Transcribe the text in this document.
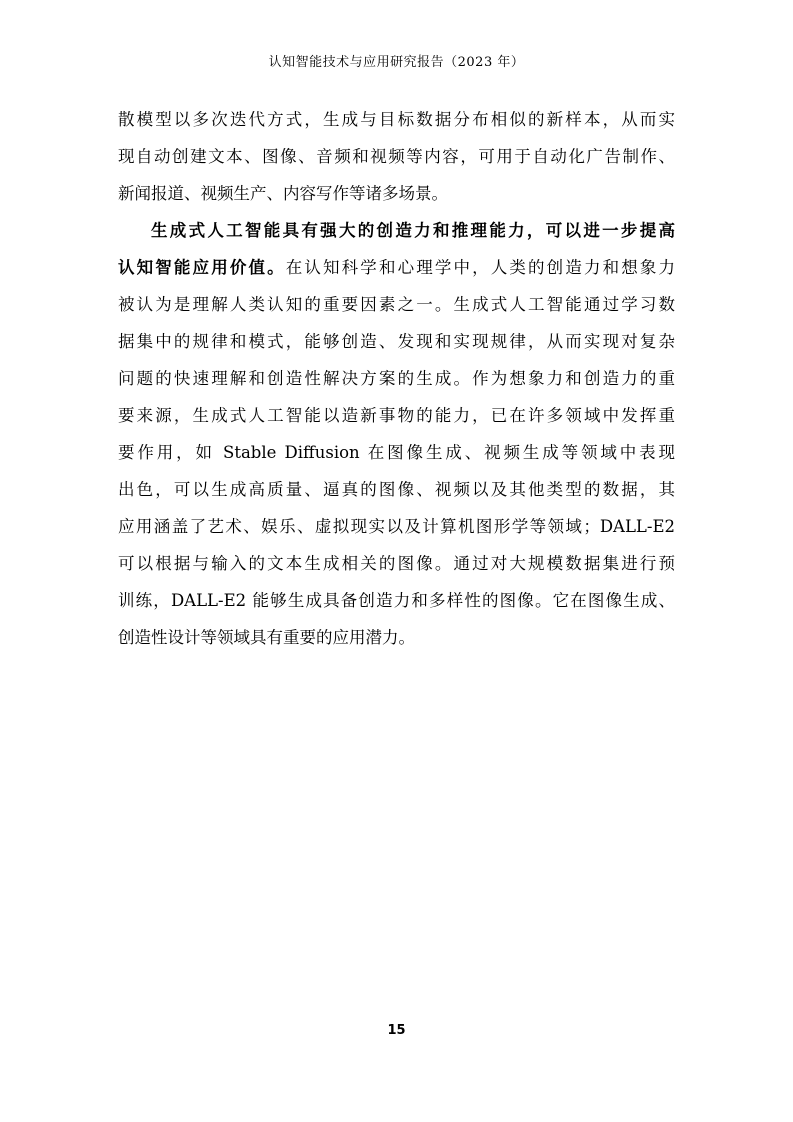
认知智能技术与应用研究报告（2023 年）
散模型以多次迭代方式，生成与目标数据分布相似的新样本，从而实
现自动创建文本、图像、音频和视频等内容，可用于自动化广告制作、
新闻报道、视频生产、内容写作等诸多场景。
生成式人工智能具有强大的创造力和推理能力，可以进一步提高
认知智能应用价值。在认知科学和心理学中，人类的创造力和想象力
被认为是理解人类认知的重要因素之一。生成式人工智能通过学习数
据集中的规律和模式，能够创造、发现和实现规律，从而实现对复杂
问题的快速理解和创造性解决方案的生成。作为想象力和创造力的重
要来源，生成式人工智能以造新事物的能力，已在许多领域中发挥重
要作用，如 Stable Diffusion 在图像生成、视频生成等领域中表现
出色，可以生成高质量、逼真的图像、视频以及其他类型的数据，其
应用涵盖了艺术、娱乐、虚拟现实以及计算机图形学等领域；DALL-E2
可以根据与输入的文本生成相关的图像。通过对大规模数据集进行预
训练，DALL-E2 能够生成具备创造力和多样性的图像。它在图像生成、
创造性设计等领域具有重要的应用潜力。
15
